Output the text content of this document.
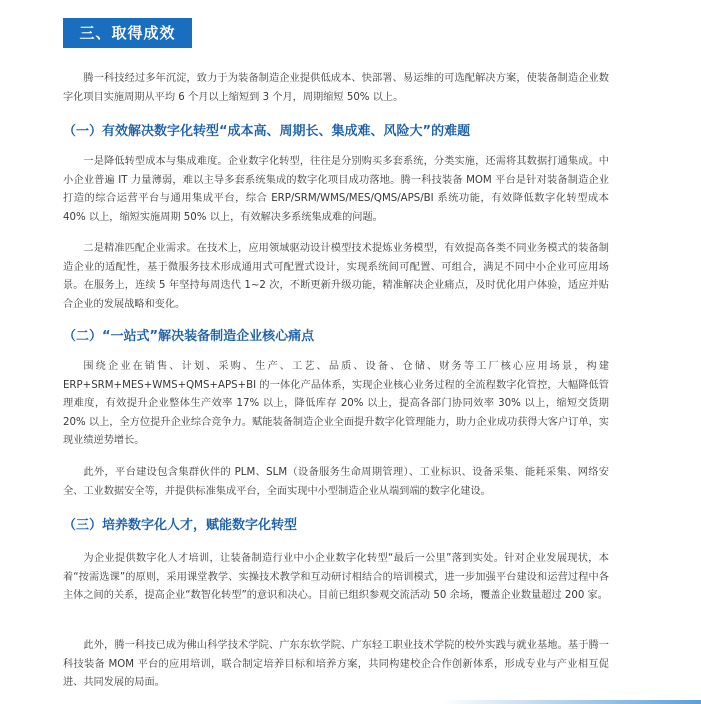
三、取得成效

腾一科技经过多年沉淀，致力于为装备制造企业提供低成本、快部署、易运维的可选配解决方案，使装备制造企业数字化项目实施周期从平均 6 个月以上缩短到 3 个月，周期缩短 50% 以上。

（一）有效解决数字化转型“成本高、周期长、集成难、风险大”的难题

一是降低转型成本与集成难度。企业数字化转型，往往是分别购买多套系统，分类实施，还需将其数据打通集成。中小企业普遍 IT 力量薄弱，难以主导多套系统集成的数字化项目成功落地。腾一科技装备 MOM 平台是针对装备制造企业打造的综合运营平台与通用集成平台，综合 ERP/SRM/WMS/MES/QMS/APS/BI 系统功能，有效降低数字化转型成本 40% 以上，缩短实施周期 50% 以上，有效解决多系统集成难的问题。

二是精准匹配企业需求。在技术上，应用领域驱动设计模型技术提炼业务模型，有效提高各类不同业务模式的装备制造企业的适配性，基于微服务技术形成通用式可配置式设计，实现系统间可配置、可组合，满足不同中小企业可应用场景。在服务上，连续 5 年坚持每周迭代 1~2 次，不断更新升级功能，精准解决企业痛点，及时优化用户体验，适应并贴合企业的发展战略和变化。

（二）“一站式”解决装备制造企业核心痛点

围绕企业在销售、计划、采购、生产、工艺、品质、设备、仓储、财务等工厂核心应用场景，构建 ERP+SRM+MES+WMS+QMS+APS+BI 的一体化产品体系，实现企业核心业务过程的全流程数字化管控，大幅降低管理难度，有效提升企业整体生产效率 17% 以上，降低库存 20% 以上，提高各部门协同效率 30% 以上，缩短交货期 20% 以上，全方位提升企业综合竞争力。赋能装备制造企业全面提升数字化管理能力，助力企业成功获得大客户订单，实现业绩逆势增长。

此外，平台建设包含集群伙伴的 PLM、SLM（设备服务生命周期管理）、工业标识、设备采集、能耗采集、网络安全、工业数据安全等，并提供标准集成平台，全面实现中小型制造企业从端到端的数字化建设。

（三）培养数字化人才，赋能数字化转型

为企业提供数字化人才培训，让装备制造行业中小企业数字化转型“最后一公里”落到实处。针对企业发展现状，本着“按需选课”的原则，采用课堂教学、实操技术教学和互动研讨相结合的培训模式，进一步加强平台建设和运营过程中各主体之间的关系，提高企业“数智化转型”的意识和决心。目前已组织参观交流活动 50 余场，覆盖企业数量超过 200 家。

此外，腾一科技已成为佛山科学技术学院、广东东软学院、广东轻工职业技术学院的校外实践与就业基地。基于腾一科技装备 MOM 平台的应用培训，联合制定培养目标和培养方案，共同构建校企合作创新体系，形成专业与产业相互促进、共同发展的局面。
